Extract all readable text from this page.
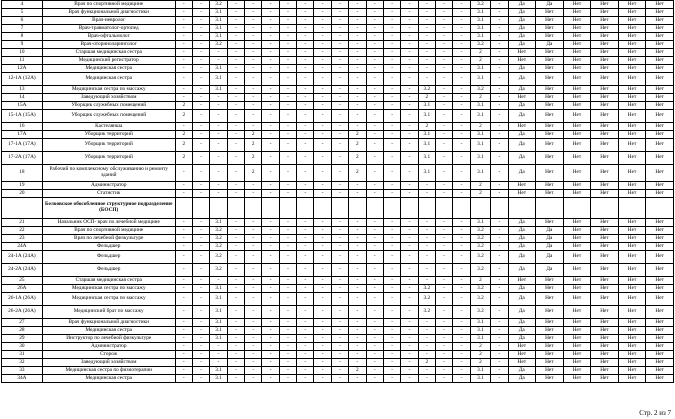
4	Врач по спортивной медицине	-	-	3.2	-	-	-	-	-	-	-	-	-	-	-	-	-	-	3.2	-	Да	Да	Нет	Нет	Нет	Нет
5	Врач функциональной диагностики	-	-	3.1	-	-	-	-	-	-	-	-	-	-	-	-	-	-	3.1	-	Да	Нет	Нет	Нет	Нет	Нет
6	Врач-невролог	-	-	3.1	-	-	-	-	-	-	-	-	-	-	-	-	-	-	3.1	-	Да	Нет	Нет	Нет	Нет	Нет
7	Врач-травматолог-ортопед	-	-	3.1	-	-	-	-	-	-	-	-	-	-	-	-	-	-	3.1	-	Да	Нет	Нет	Нет	Нет	Нет
8	Врач-офтальмолог	-	-	3.1	-	-	-	-	-	-	-	-	-	-	-	-	-	-	3.1	-	Да	Нет	Нет	Нет	Нет	Нет
9	Врач-оториноларинголог	-	-	3.2	-	-	-	-	-	-	-	-	-	-	-	-	-	-	3.2	-	Да	Да	Нет	Нет	Нет	Нет
10	Старшая медицинская сестра	-	-	-	-	-	-	-	-	-	-	-	-	-	-	-	-	-	2	-	Нет	Нет	Нет	Нет	Нет	Нет
11	Медицинский регистратор	-	-	-	-	-	-	-	-	-	-	-	-	-	-	-	-	-	2	-	Нет	Нет	Нет	Нет	Нет	Нет
12А	Медицинская сестра	-	-	3.1	-	-	-	-	-	-	-	-	-	-	-	-	-	-	3.1	-	Да	Нет	Нет	Нет	Нет	Нет
12-1А (12А)	Медицинская сестра	-	-	3.1	-	-	-	-	-	-	-	-	-	-	-	-	-	-	3.1	-	Да	Нет	Нет	Нет	Нет	Нет
13	Медицинская сестра по массажу	-	-	3.1	-	-	-	-	-	-	-	-	-	-	-	3.2	-	-	3.2	-	Да	Нет	Нет	Нет	Нет	Нет
14	Заведующий хозяйством	-	-	-	-	-	-	-	-	-	-	-	-	-	-	2	-	-	2	-	Нет	Нет	Нет	Нет	Нет	Нет
15А	Уборщик служебных помещений	2	-	-	-	-	-	-	-	-	-	-	-	-	-	3.1	-	-	3.1	-	Да	Нет	Нет	Нет	Нет	Нет
15-1А (15А)	Уборщик служебных помещений	2	-	-	-	-	-	-	-	-	-	-	-	-	-	3.1	-	-	3.1	-	Да	Нет	Нет	Нет	Нет	Нет
16	Кастелянша	-	-	-	-	-	-	-	-	-	-	-	-	-	-	2	-	-	2	-	Нет	Нет	Нет	Нет	Нет	Нет
17А	Уборщик территорий	2	-	-	-	2	-	-	-	-	-	2	-	-	-	3.1	-	-	3.1	-	Да	Нет	Нет	Нет	Нет	Нет
17-1А (17А)	Уборщик территорий	2	-	-	-	2	-	-	-	-	-	2	-	-	-	3.1	-	-	3.1	-	Да	Нет	Нет	Нет	Нет	Нет
17-2А (17А)	Уборщик территорий	2	-	-	-	2	-	-	-	-	-	2	-	-	-	3.1	-	-	3.1	-	Да	Нет	Нет	Нет	Нет	Нет
18	Рабочий по комплексному обслуживанию и ремонту зданий	-	-	-	-	2	-	-	-	-	-	2	-	-	-	3.1	-	-	3.1	-	Да	Нет	Нет	Нет	Нет	Нет
19	Администратор	-	-	-	-	-	-	-	-	-	-	-	-	-	-	-	-	-	2	-	Нет	Нет	Нет	Нет	Нет	Нет
20	Статистик	-	-	-	-	-	-	-	-	-	-	-	-	-	-	-	-	-	2	-	Нет	Нет	Нет	Нет	Нет	Нет
	Белоовское обособленное структурное подразделение (БОСП)																									
21	Начальник ОСП- врач по лечебной медицине	-	-	3.1	-	-	-	-	-	-	-	-	-	-	-	-	-	-	3.1	-	Да	Нет	Нет	Нет	Нет	Нет
22	Врач по спортивной медицине	-	-	3.2	-	-	-	-	-	-	-	-	-	-	-	-	-	-	3.2	-	Да	Да	Нет	Нет	Нет	Нет
23	Врач по лечебной физкультуре	-	-	3.2	-	-	-	-	-	-	-	-	-	-	-	-	-	-	3.2	-	Да	Да	Нет	Нет	Нет	Нет
24А	Фельдшер	-	-	3.2	-	-	-	-	-	-	-	-	-	-	-	-	-	-	3.2	-	Да	Да	Нет	Нет	Нет	Нет
24-1А (24А)	Фельдшер	-	-	3.2	-	-	-	-	-	-	-	-	-	-	-	-	-	-	3.2	-	Да	Да	Нет	Нет	Нет	Нет
24-2А (24А)	Фельдшер	-	-	3.2	-	-	-	-	-	-	-	-	-	-	-	-	-	-	3.2	-	Да	Да	Нет	Нет	Нет	Нет
25	Старшая медицинская сестра	-	-	-	-	-	-	-	-	-	-	-	-	-	-	-	-	-	2	-	Нет	Нет	Нет	Нет	Нет	Нет
26А	Медицинская сестра по массажу	-	-	3.1	-	-	-	-	-	-	-	-	-	-	-	3.2	-	-	3.2	-	Да	Нет	Нет	Нет	Нет	Нет
26-1А (26А)	Медицинская сестра по массажу	-	-	3.1	-	-	-	-	-	-	-	-	-	-	-	3.2	-	-	3.2	-	Да	Нет	Нет	Нет	Нет	Нет
26-2А (26А)	Медицинский брат по массажу	-	-	3.1	-	-	-	-	-	-	-	-	-	-	-	3.2	-	-	3.2	-	Да	Нет	Нет	Нет	Нет	Нет
27	Врач функциональной диагностики	-	-	3.1	-	-	-	-	-	-	-	-	-	-	-	-	-	-	3.1	-	Да	Нет	Нет	Нет	Нет	Нет
28	Медицинская сестра	-	-	3.1	-	-	-	-	-	-	-	-	-	-	-	-	-	-	3.1	-	Да	Нет	Нет	Нет	Нет	Нет
29	Инструктор по лечебной физкультуре	-	-	3.1	-	-	-	-	-	-	-	-	-	-	-	-	-	-	3.1	-	Да	Нет	Нет	Нет	Нет	Нет
30	Администратор	-	-	-	-	-	-	-	-	-	-	-	-	-	-	-	-	-	2	-	Нет	Нет	Нет	Нет	Нет	Нет
31	Сторож	-	-	-	-	-	-	-	-	-	-	-	-	-	-	-	-	-	2	-	Нет	Нет	Нет	Нет	Нет	Нет
32	Заведующий хозяйством	-	-	-	-	-	-	-	-	-	-	-	-	-	-	2	-	-	2	-	Нет	Нет	Нет	Нет	Нет	Нет
33	Медицинская сестра по физиотерапии	-	-	3.1	-	-	-	-	-	-	-	2	-	-	-	-	-	-	3.1	-	Да	Нет	Нет	Нет	Нет	Нет
34А	Медицинская сестра	-	-	3.1	-	-	-	-	-	-	-	-	-	-	-	-	-	-	3.1	-	Да	Нет	Нет	Нет	Нет	Нет
Стр. 2 из 7
